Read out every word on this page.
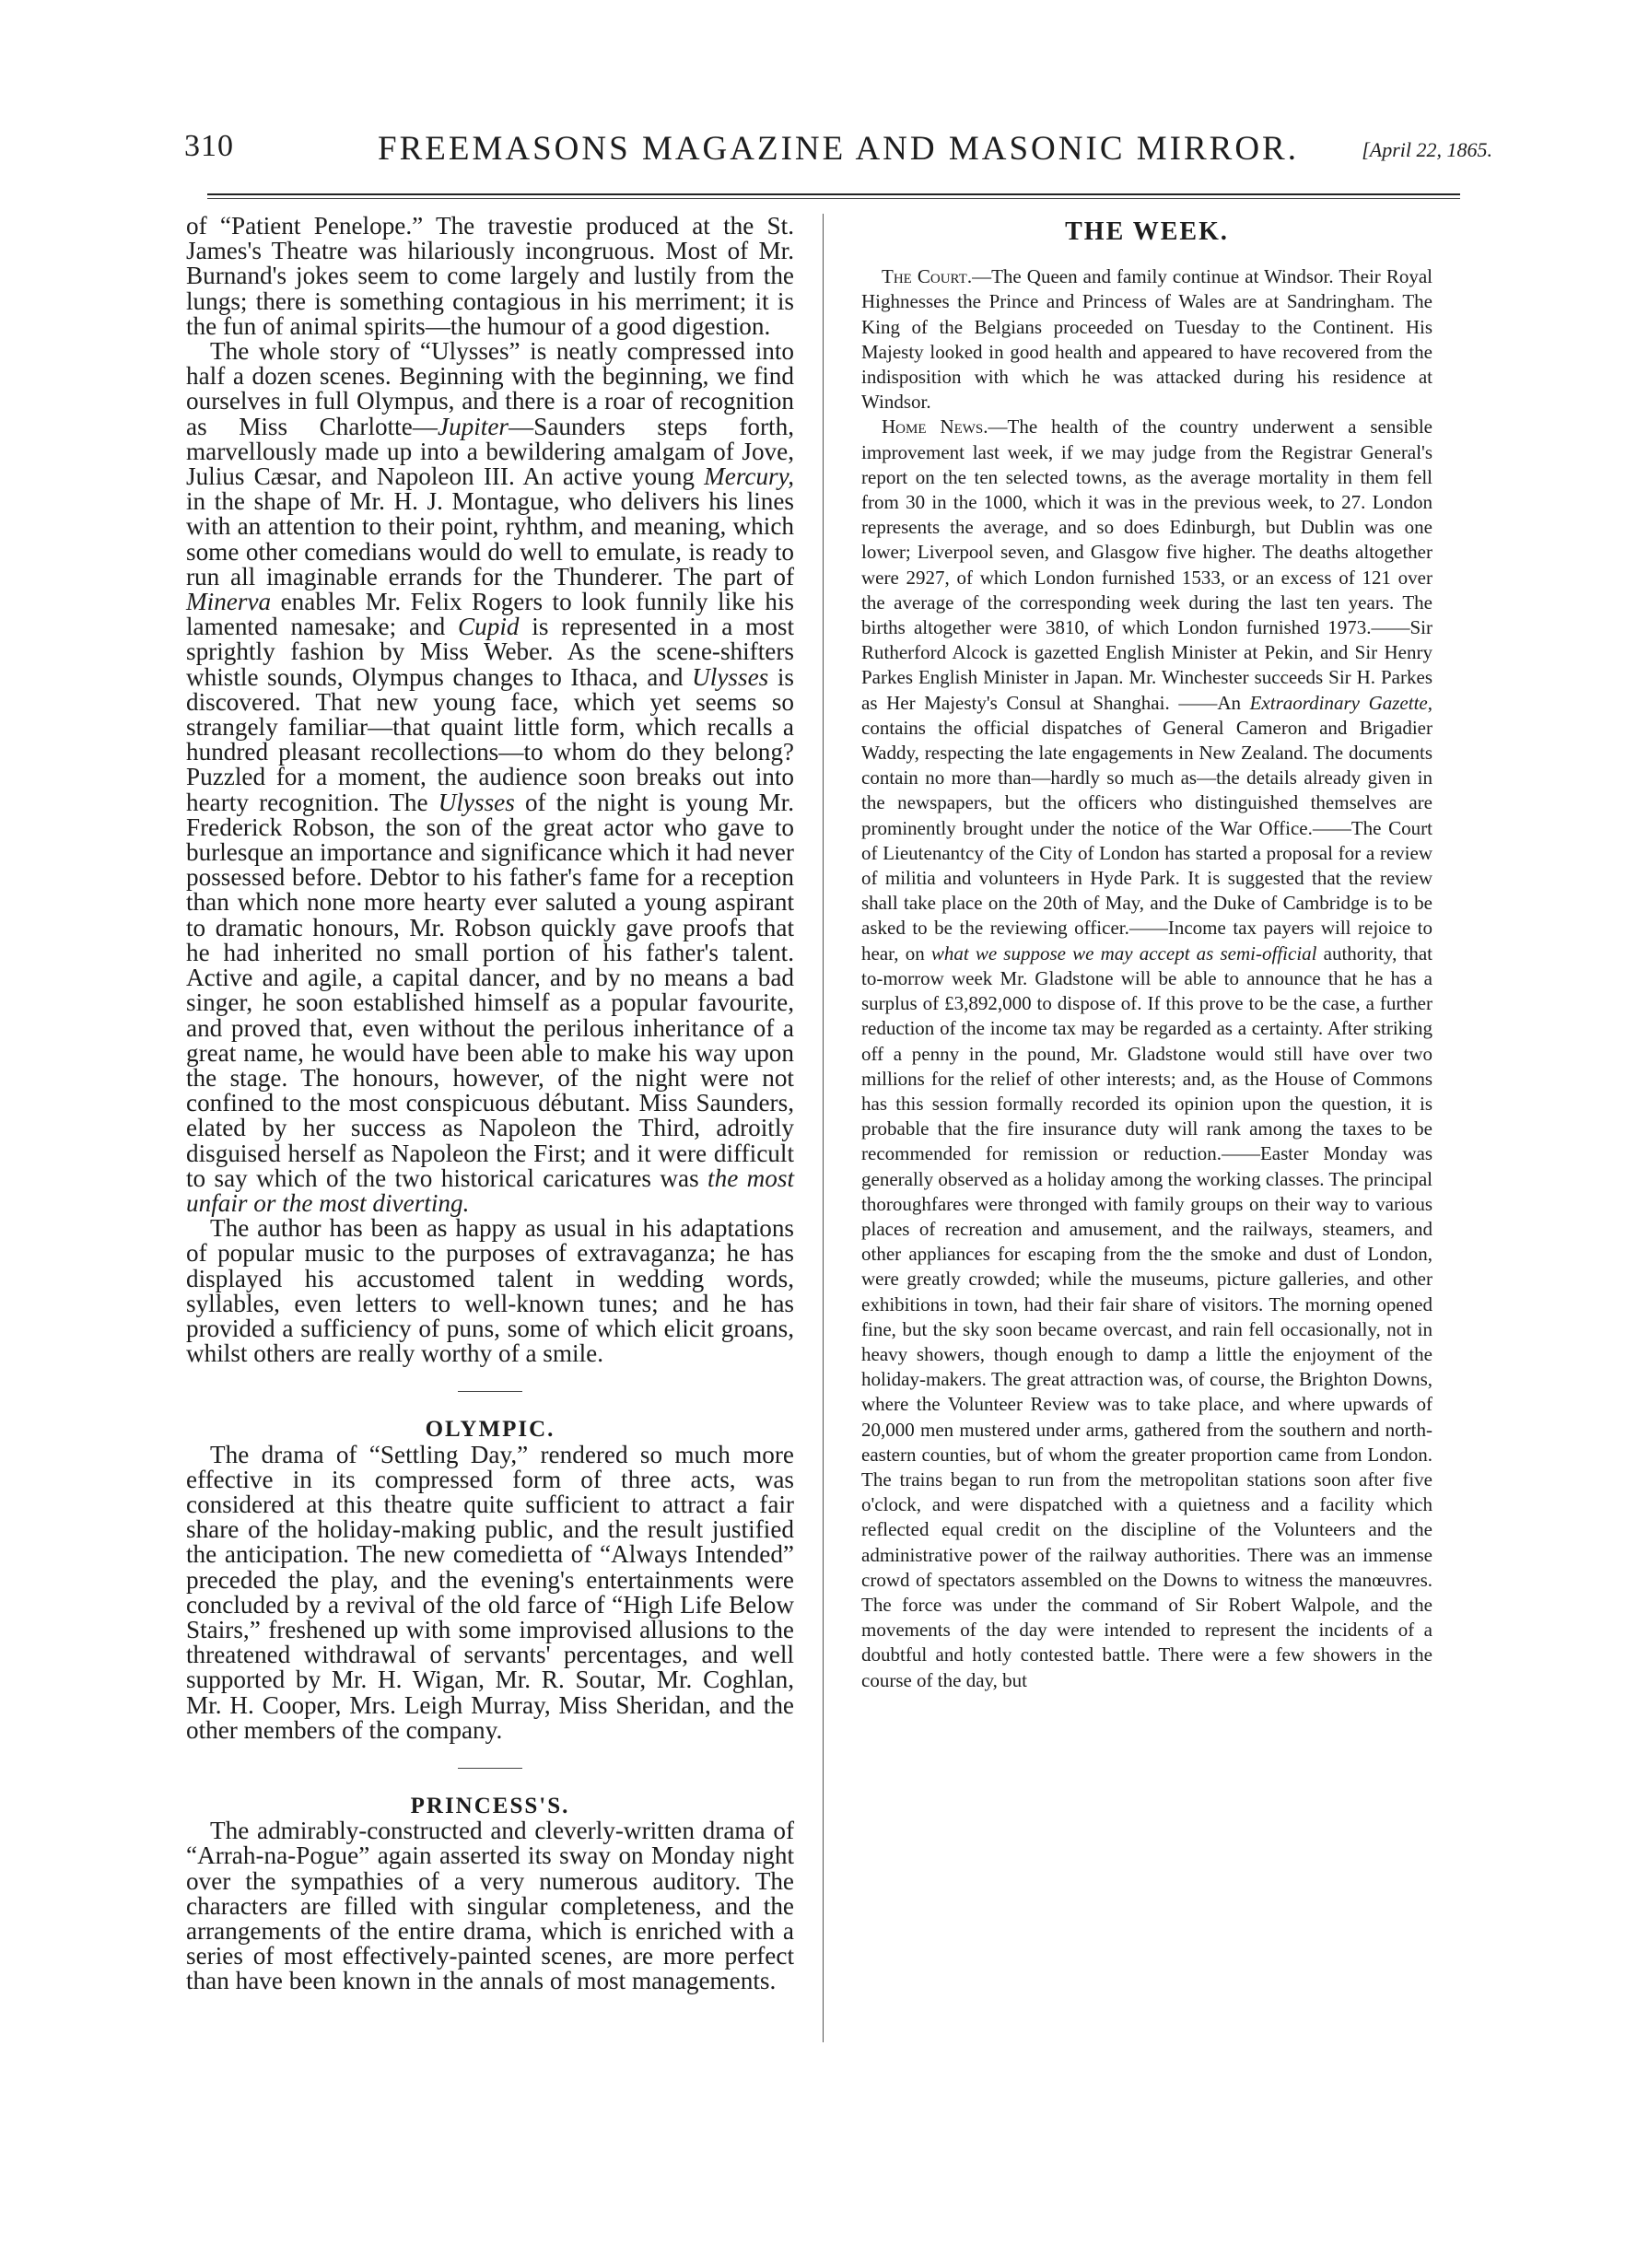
310	FREEMASONS MAGAZINE AND MASONIC MIRROR.	[April 22, 1865.

of “Patient Penelope.” The travestie produced at the St. James's Theatre was hilariously incongruous. Most of Mr. Burnand's jokes seem to come largely and lustily from the lungs; there is something contagious in his merriment; it is the fun of animal spirits—the humour of a good digestion.

The whole story of “Ulysses” is neatly compressed into half a dozen scenes. Beginning with the beginning, we find ourselves in full Olympus, and there is a roar of recognition as Miss Charlotte—Jupiter—Saunders steps forth, marvellously made up into a bewildering amalgam of Jove, Julius Cæsar, and Napoleon III. An active young Mercury, in the shape of Mr. H. J. Montague, who delivers his lines with an attention to their point, ryhthm, and meaning, which some other comedians would do well to emulate, is ready to run all imaginable errands for the Thunderer. The part of Minerva enables Mr. Felix Rogers to look funnily like his lamented namesake; and Cupid is represented in a most sprightly fashion by Miss Weber. As the scene-shifters whistle sounds, Olympus changes to Ithaca, and Ulysses is discovered. That new young face, which yet seems so strangely familiar—that quaint little form, which recalls a hundred pleasant recollections—to whom do they belong? Puzzled for a moment, the audience soon breaks out into hearty recognition. The Ulysses of the night is young Mr. Frederick Robson, the son of the great actor who gave to burlesque an importance and significance which it had never possessed before. Debtor to his father's fame for a reception than which none more hearty ever saluted a young aspirant to dramatic honours, Mr. Robson quickly gave proofs that he had inherited no small portion of his father's talent. Active and agile, a capital dancer, and by no means a bad singer, he soon established himself as a popular favourite, and proved that, even without the perilous inheritance of a great name, he would have been able to make his way upon the stage. The honours, however, of the night were not confined to the most conspicuous débutant. Miss Saunders, elated by her success as Napoleon the Third, adroitly disguised herself as Napoleon the First; and it were difficult to say which of the two historical caricatures was the most unfair or the most diverting.

The author has been as happy as usual in his adaptations of popular music to the purposes of extravaganza; he has displayed his accustomed talent in wedding words, syllables, even letters to well-known tunes; and he has provided a sufficiency of puns, some of which elicit groans, whilst others are really worthy of a smile.

OLYMPIC.

The drama of “Settling Day,” rendered so much more effective in its compressed form of three acts, was considered at this theatre quite sufficient to attract a fair share of the holiday-making public, and the result justified the anticipation. The new comedietta of “Always Intended” preceded the play, and the evening's entertainments were concluded by a revival of the old farce of “High Life Below Stairs,” freshened up with some improvised allusions to the threatened withdrawal of servants' percentages, and well supported by Mr. H. Wigan, Mr. R. Soutar, Mr. Coghlan, Mr. H. Cooper, Mrs. Leigh Murray, Miss Sheridan, and the other members of the company.

PRINCESS'S.

The admirably-constructed and cleverly-written drama of “Arrah-na-Pogue” again asserted its sway on Monday night over the sympathies of a very numerous auditory. The characters are filled with singular completeness, and the arrangements of the entire drama, which is enriched with a series of most effectively-painted scenes, are more perfect than have been known in the annals of most managements.

THE WEEK.

The Court.—The Queen and family continue at Windsor. Their Royal Highnesses the Prince and Princess of Wales are at Sandringham. The King of the Belgians proceeded on Tuesday to the Continent. His Majesty looked in good health and appeared to have recovered from the indisposition with which he was attacked during his residence at Windsor.

Home News.—The health of the country underwent a sensible improvement last week, if we may judge from the Registrar General's report on the ten selected towns, as the average mortality in them fell from 30 in the 1000, which it was in the previous week, to 27. London represents the average, and so does Edinburgh, but Dublin was one lower; Liverpool seven, and Glasgow five higher. The deaths altogether were 2927, of which London furnished 1533, or an excess of 121 over the average of the corresponding week during the last ten years. The births altogether were 3810, of which London furnished 1973.——Sir Rutherford Alcock is gazetted English Minister at Pekin, and Sir Henry Parkes English Minister in Japan. Mr. Winchester succeeds Sir H. Parkes as Her Majesty's Consul at Shanghai. ——An Extraordinary Gazette, contains the official dispatches of General Cameron and Brigadier Waddy, respecting the late engagements in New Zealand. The documents contain no more than—hardly so much as—the details already given in the newspapers, but the officers who distinguished themselves are prominently brought under the notice of the War Office.——The Court of Lieutenantcy of the City of London has started a proposal for a review of militia and volunteers in Hyde Park. It is suggested that the review shall take place on the 20th of May, and the Duke of Cambridge is to be asked to be the reviewing officer.——Income tax payers will rejoice to hear, on what we suppose we may accept as semi-official authority, that to-morrow week Mr. Gladstone will be able to announce that he has a surplus of £3,892,000 to dispose of. If this prove to be the case, a further reduction of the income tax may be regarded as a certainty. After striking off a penny in the pound, Mr. Gladstone would still have over two millions for the relief of other interests; and, as the House of Commons has this session formally recorded its opinion upon the question, it is probable that the fire insurance duty will rank among the taxes to be recommended for remission or reduction.——Easter Monday was generally observed as a holiday among the working classes. The principal thoroughfares were thronged with family groups on their way to various places of recreation and amusement, and the railways, steamers, and other appliances for escaping from the the smoke and dust of London, were greatly crowded; while the museums, picture galleries, and other exhibitions in town, had their fair share of visitors. The morning opened fine, but the sky soon became overcast, and rain fell occasionally, not in heavy showers, though enough to damp a little the enjoyment of the holiday-makers. The great attraction was, of course, the Brighton Downs, where the Volunteer Review was to take place, and where upwards of 20,000 men mustered under arms, gathered from the southern and north-eastern counties, but of whom the greater proportion came from London. The trains began to run from the metropolitan stations soon after five o'clock, and were dispatched with a quietness and a facility which reflected equal credit on the discipline of the Volunteers and the administrative power of the railway authorities. There was an immense crowd of spectators assembled on the Downs to witness the manœuvres. The force was under the command of Sir Robert Walpole, and the movements of the day were intended to represent the incidents of a doubtful and hotly contested battle. There were a few showers in the course of the day, but
